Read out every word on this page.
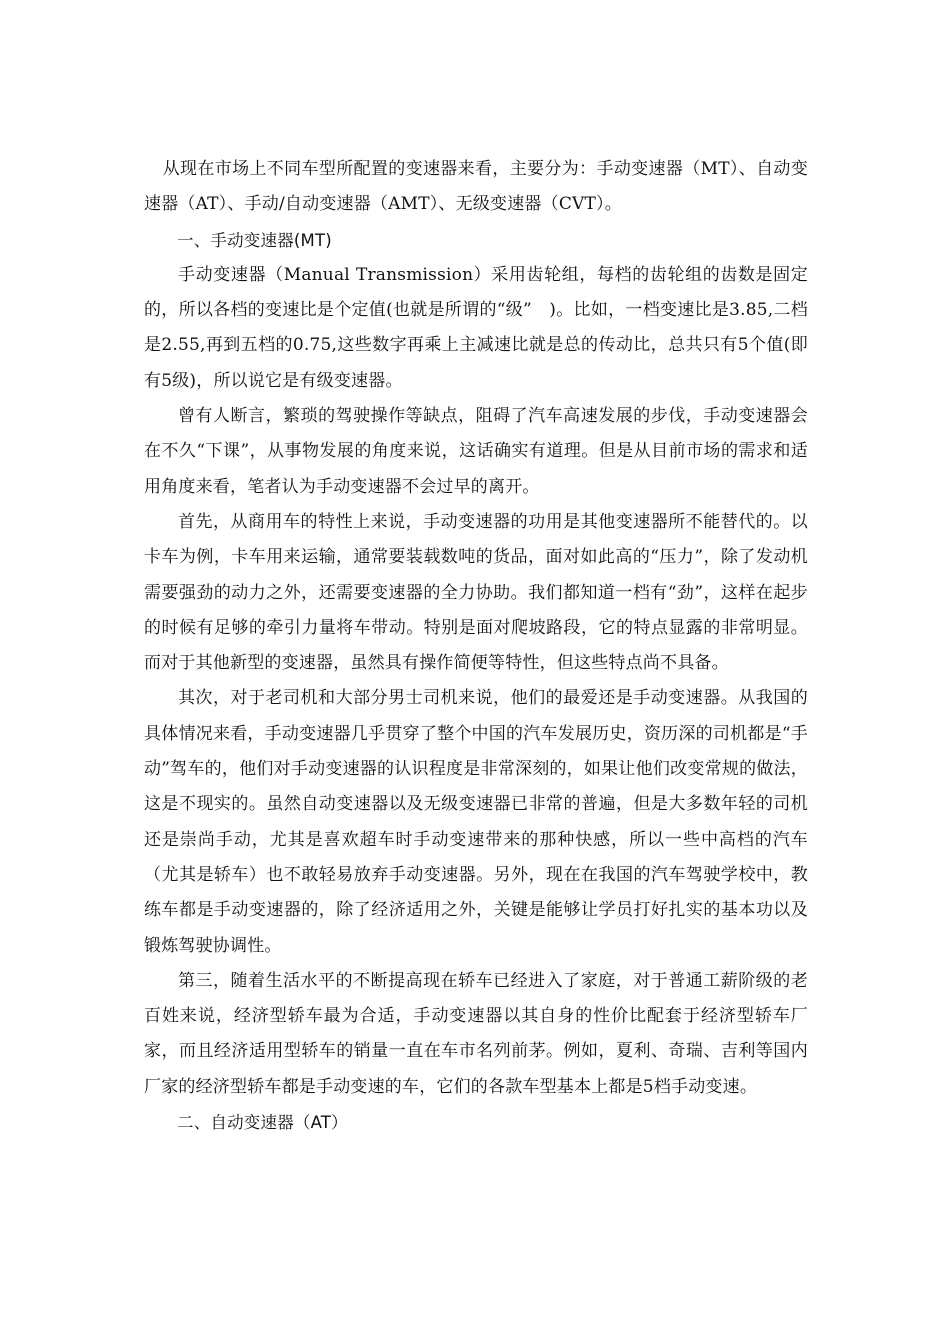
从现在市场上不同车型所配置的变速器来看，主要分为：手动变速器（MT）、自动变速器（AT）、手动/自动变速器（AMT）、无级变速器（CVT）。

一、手动变速器(MT)

手动变速器（Manual Transmission）采用齿轮组，每档的齿轮组的齿数是固定的，所以各档的变速比是个定值(也就是所谓的“级”　)。比如，一档变速比是3.85,二档是2.55,再到五档的0.75,这些数字再乘上主减速比就是总的传动比，总共只有5个值(即有5级)，所以说它是有级变速器。

曾有人断言，繁琐的驾驶操作等缺点，阻碍了汽车高速发展的步伐，手动变速器会在不久“下课”，从事物发展的角度来说，这话确实有道理。但是从目前市场的需求和适用角度来看，笔者认为手动变速器不会过早的离开。

首先，从商用车的特性上来说，手动变速器的功用是其他变速器所不能替代的。以卡车为例，卡车用来运输，通常要装载数吨的货品，面对如此高的“压力”，除了发动机需要强劲的动力之外，还需要变速器的全力协助。我们都知道一档有“劲”，这样在起步的时候有足够的牵引力量将车带动。特别是面对爬坡路段，它的特点显露的非常明显。而对于其他新型的变速器，虽然具有操作简便等特性，但这些特点尚不具备。

其次，对于老司机和大部分男士司机来说，他们的最爱还是手动变速器。从我国的具体情况来看，手动变速器几乎贯穿了整个中国的汽车发展历史，资历深的司机都是“手动”驾车的，他们对手动变速器的认识程度是非常深刻的，如果让他们改变常规的做法，这是不现实的。虽然自动变速器以及无级变速器已非常的普遍，但是大多数年轻的司机还是崇尚手动，尤其是喜欢超车时手动变速带来的那种快感，所以一些中高档的汽车（尤其是轿车）也不敢轻易放弃手动变速器。另外，现在在我国的汽车驾驶学校中，教练车都是手动变速器的，除了经济适用之外，关键是能够让学员打好扎实的基本功以及锻炼驾驶协调性。

第三，随着生活水平的不断提高现在轿车已经进入了家庭，对于普通工薪阶级的老百姓来说，经济型轿车最为合适，手动变速器以其自身的性价比配套于经济型轿车厂家，而且经济适用型轿车的销量一直在车市名列前茅。例如，夏利、奇瑞、吉利等国内厂家的经济型轿车都是手动变速的车，它们的各款车型基本上都是5档手动变速。

二、自动变速器（AT）
